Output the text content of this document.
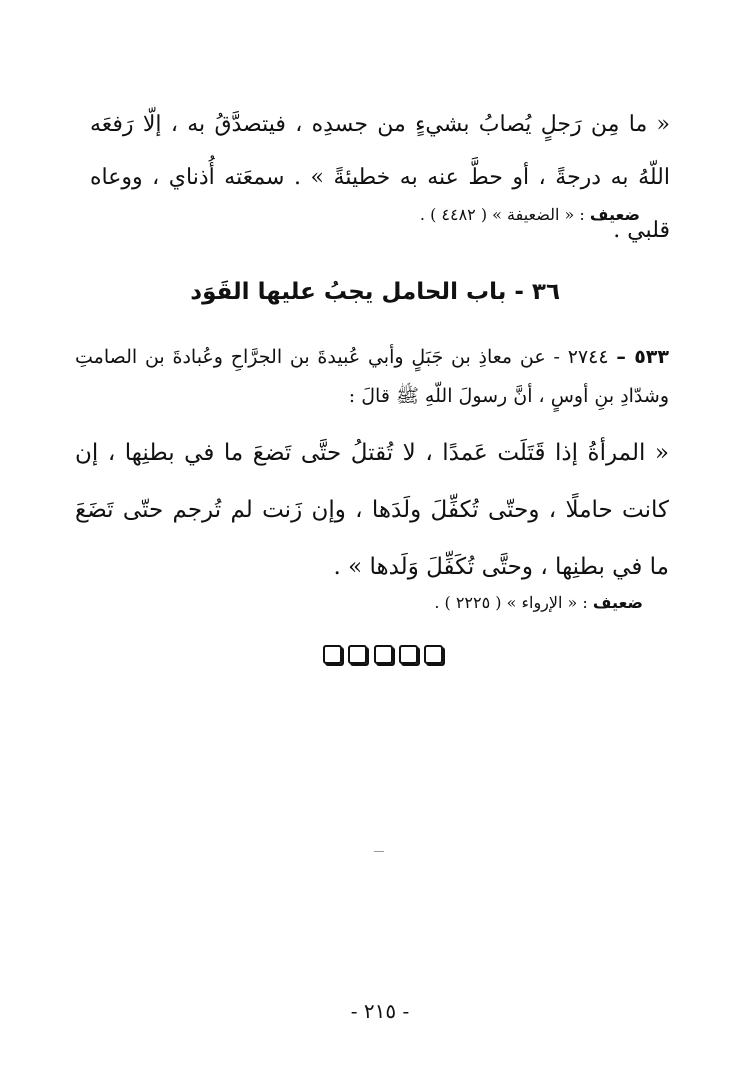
« ما مِن رَجلٍ يُصابُ بشيءٍ من جسدِه ، فيتصدَّقُ به ، إلّا رَفعَه اللّهُ به درجةً ، أو حطَّ عنه به خطيئةً » . سمعَته أُذناي ، ووعاه قلبي .
ضعيف : « الضعيفة » ( ٤٤٨٢ ) .
٣٦ - باب الحامل يجبُ عليها القَوَد
٥٣٣ – ٢٧٤٤ - عن معاذِ بن جَبَلٍ وأبي عُبيدةَ بن الجرَّاحِ وعُبادةَ بن الصامتِ وشدّادِ بنِ أوسٍ ، أنَّ رسولَ اللّهِ ﷺ قالَ :
« المرأةُ إذا قَتَلَت عَمدًا ، لا تُقتلُ حتَّى تَضعَ ما في بطنِها ، إن كانت حاملًا ، وحتّى تُكفِّلَ ولَدَها ، وإن زَنت لم تُرجم حتّى تَضَعَ ما في بطنِها ، وحتَّى تُكَفِّلَ وَلَدها » .
ضعيف : « الإرواء » ( ٢٢٢٥ ) .
- ٢١٥ -
